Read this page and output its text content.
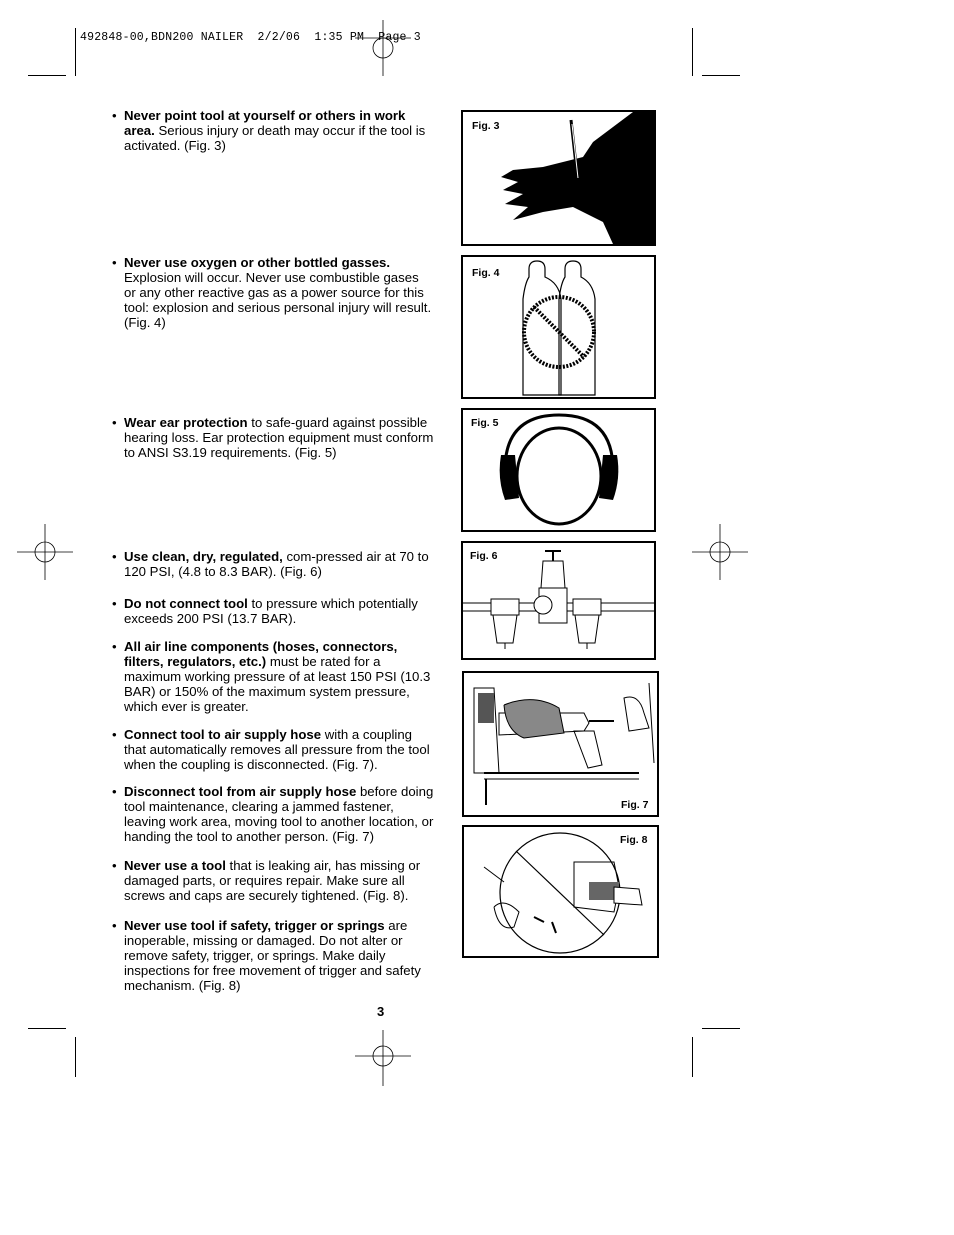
492848-00,BDN200 NAILER  2/2/06  1:35 PM  Page 3
• Never point tool at yourself or others in work area. Serious injury or death may occur if the tool is activated. (Fig. 3)
• Never use oxygen or other bottled gasses. Explosion will occur. Never use combustible gases or any other reactive gas as a power source for this tool: explosion and serious personal injury will result. (Fig. 4)
• Wear ear protection to safe-guard against possible hearing loss. Ear protection equipment must conform to ANSI S3.19 requirements. (Fig. 5)
• Use clean, dry, regulated, com-pressed air at 70 to 120 PSI, (4.8 to 8.3 BAR). (Fig. 6)
• Do not connect tool to pressure which potentially exceeds 200 PSI (13.7 BAR).
• All air line components (hoses, connectors, filters, regulators, etc.) must be rated for a maximum working pressure of at least 150 PSI (10.3 BAR) or 150% of the maximum system pressure, which ever is greater.
• Connect tool to air supply hose with a coupling that automatically removes all pressure from the tool when the coupling is disconnected. (Fig. 7).
• Disconnect tool from air supply hose before doing tool maintenance, clearing a jammed fastener, leaving work area, moving tool to another location, or handing the tool to another person. (Fig. 7)
• Never use a tool that is leaking air, has missing or damaged parts, or requires repair. Make sure all screws and caps are securely tightened. (Fig. 8).
• Never use tool if safety, trigger or springs are inoperable, missing or damaged. Do not alter or remove safety, trigger, or springs. Make daily inspections for free movement of trigger and safety mechanism. (Fig. 8)
Fig. 3
Fig. 4
Fig. 5
Fig. 6
Fig. 7
Fig. 8
3
